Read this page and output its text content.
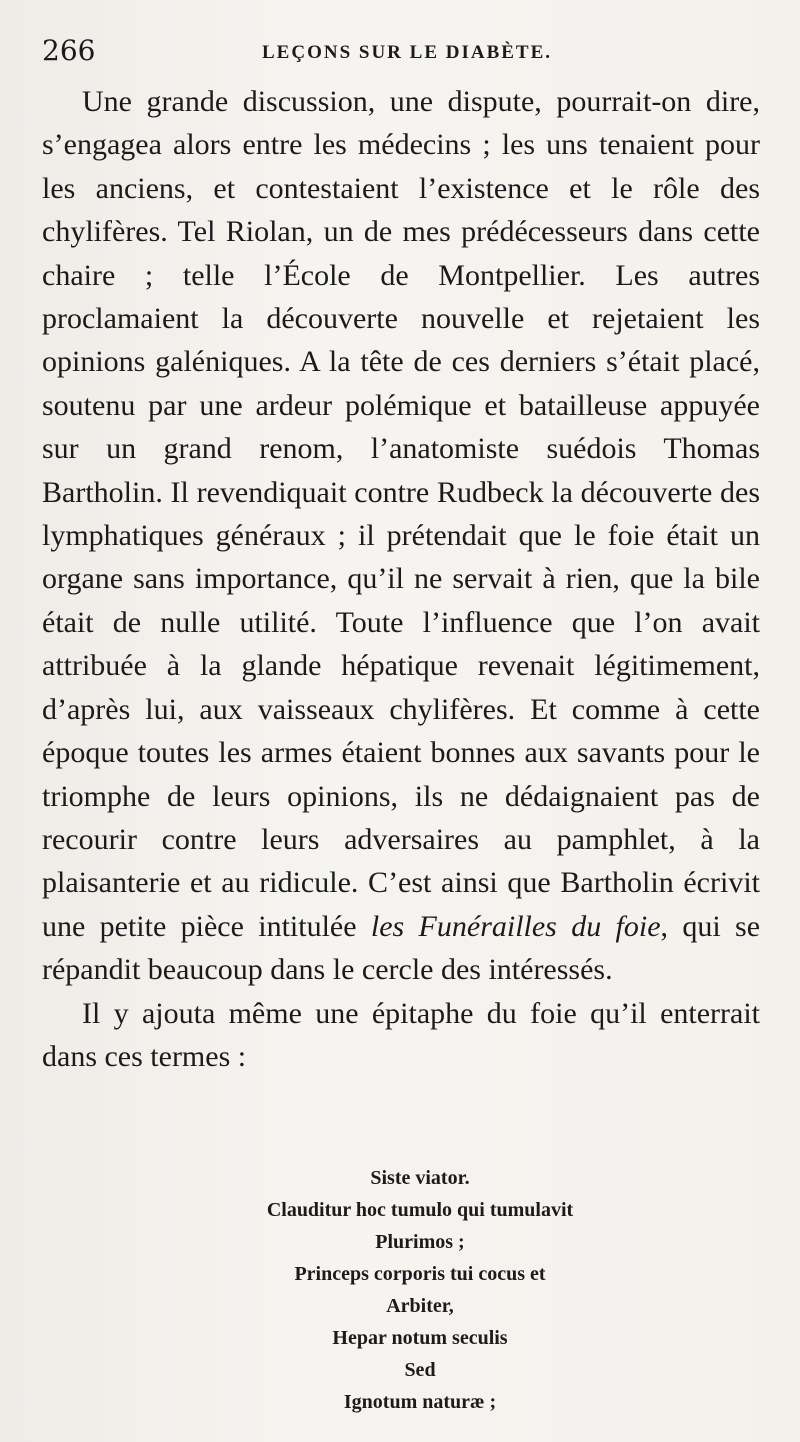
266	LEÇONS SUR LE DIABÈTE.

Une grande discussion, une dispute, pourrait-on dire, s’engagea alors entre les médecins ; les uns tenaient pour les anciens, et contestaient l’existence et le rôle des chylifères. Tel Riolan, un de mes prédécesseurs dans cette chaire ; telle l’École de Montpellier. Les autres proclamaient la découverte nouvelle et rejetaient les opinions galéniques. A la tête de ces derniers s’était placé, soutenu par une ardeur polémique et batailleuse appuyée sur un grand renom, l’anatomiste suédois Thomas Bartholin. Il revendiquait contre Rudbeck la découverte des lymphatiques généraux ; il prétendait que le foie était un organe sans importance, qu’il ne servait à rien, que la bile était de nulle utilité. Toute l’influence que l’on avait attribuée à la glande hépatique revenait légitimement, d’après lui, aux vaisseaux chylifères. Et comme à cette époque toutes les armes étaient bonnes aux savants pour le triomphe de leurs opinions, ils ne dédaignaient pas de recourir contre leurs adversaires au pamphlet, à la plaisanterie et au ridicule. C’est ainsi que Bartholin écrivit une petite pièce intitulée les Funérailles du foie, qui se répandit beaucoup dans le cercle des intéressés.

Il y ajouta même une épitaphe du foie qu’il enterrait dans ces termes :

Siste viator.
Clauditur hoc tumulo qui tumulavit
Plurimos ;
Princeps corporis tui cocus et
Arbiter,
Hepar notum seculis
Sed
Ignotum naturæ ;
